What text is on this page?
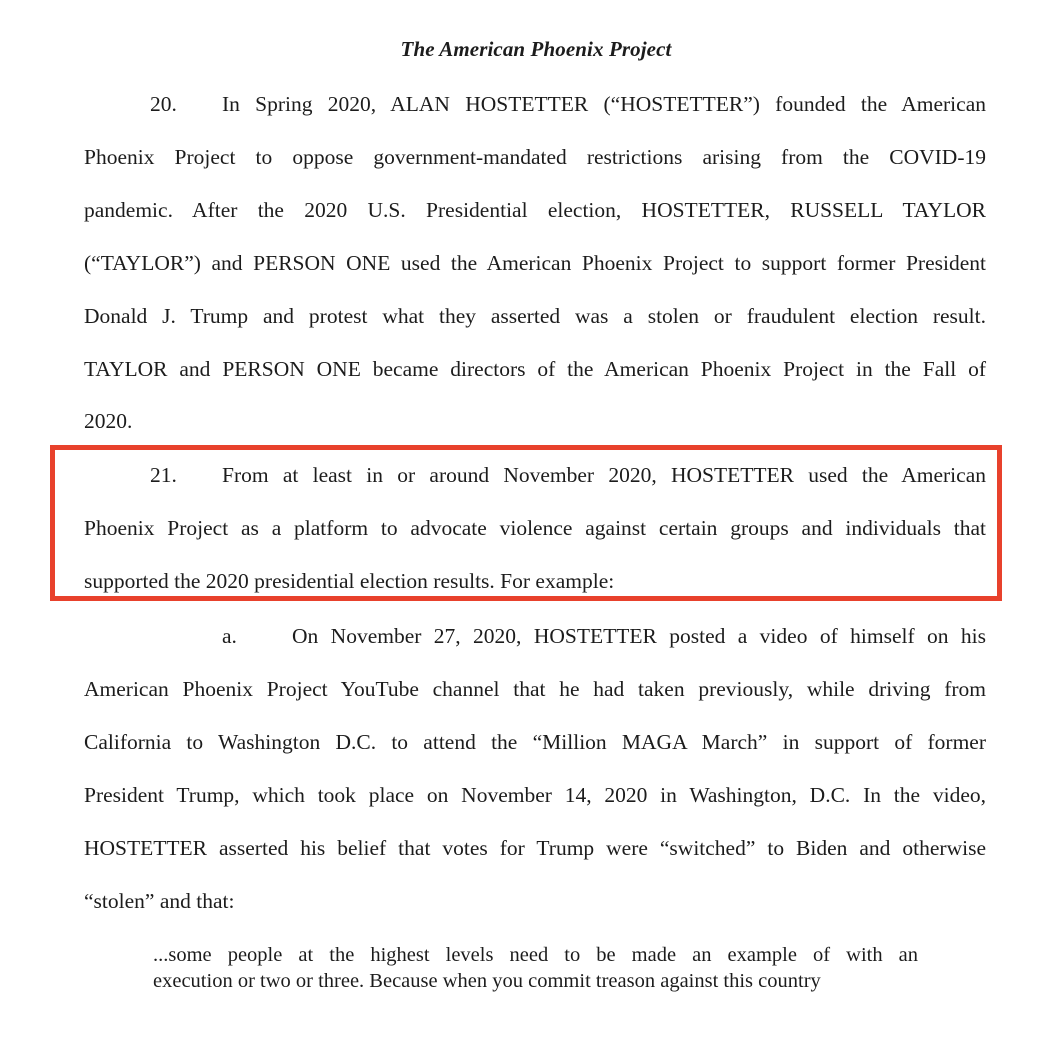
The American Phoenix Project
20. In Spring 2020, ALAN HOSTETTER (“HOSTETTER”) founded the American
Phoenix Project to oppose government-mandated restrictions arising from the COVID-19
pandemic. After the 2020 U.S. Presidential election, HOSTETTER, RUSSELL TAYLOR
(“TAYLOR”) and PERSON ONE used the American Phoenix Project to support former President
Donald J. Trump and protest what they asserted was a stolen or fraudulent election result.
TAYLOR and PERSON ONE became directors of the American Phoenix Project in the Fall of
2020.
21. From at least in or around November 2020, HOSTETTER used the American
Phoenix Project as a platform to advocate violence against certain groups and individuals that
supported the 2020 presidential election results. For example:
a.	On November 27, 2020, HOSTETTER posted a video of himself on his
American Phoenix Project YouTube channel that he had taken previously, while driving from
California to Washington D.C. to attend the “Million MAGA March” in support of former
President Trump, which took place on November 14, 2020 in Washington, D.C. In the video,
HOSTETTER asserted his belief that votes for Trump were “switched” to Biden and otherwise
“stolen” and that:
...some people at the highest levels need to be made an example of with an
execution or two or three. Because when you commit treason against this country
